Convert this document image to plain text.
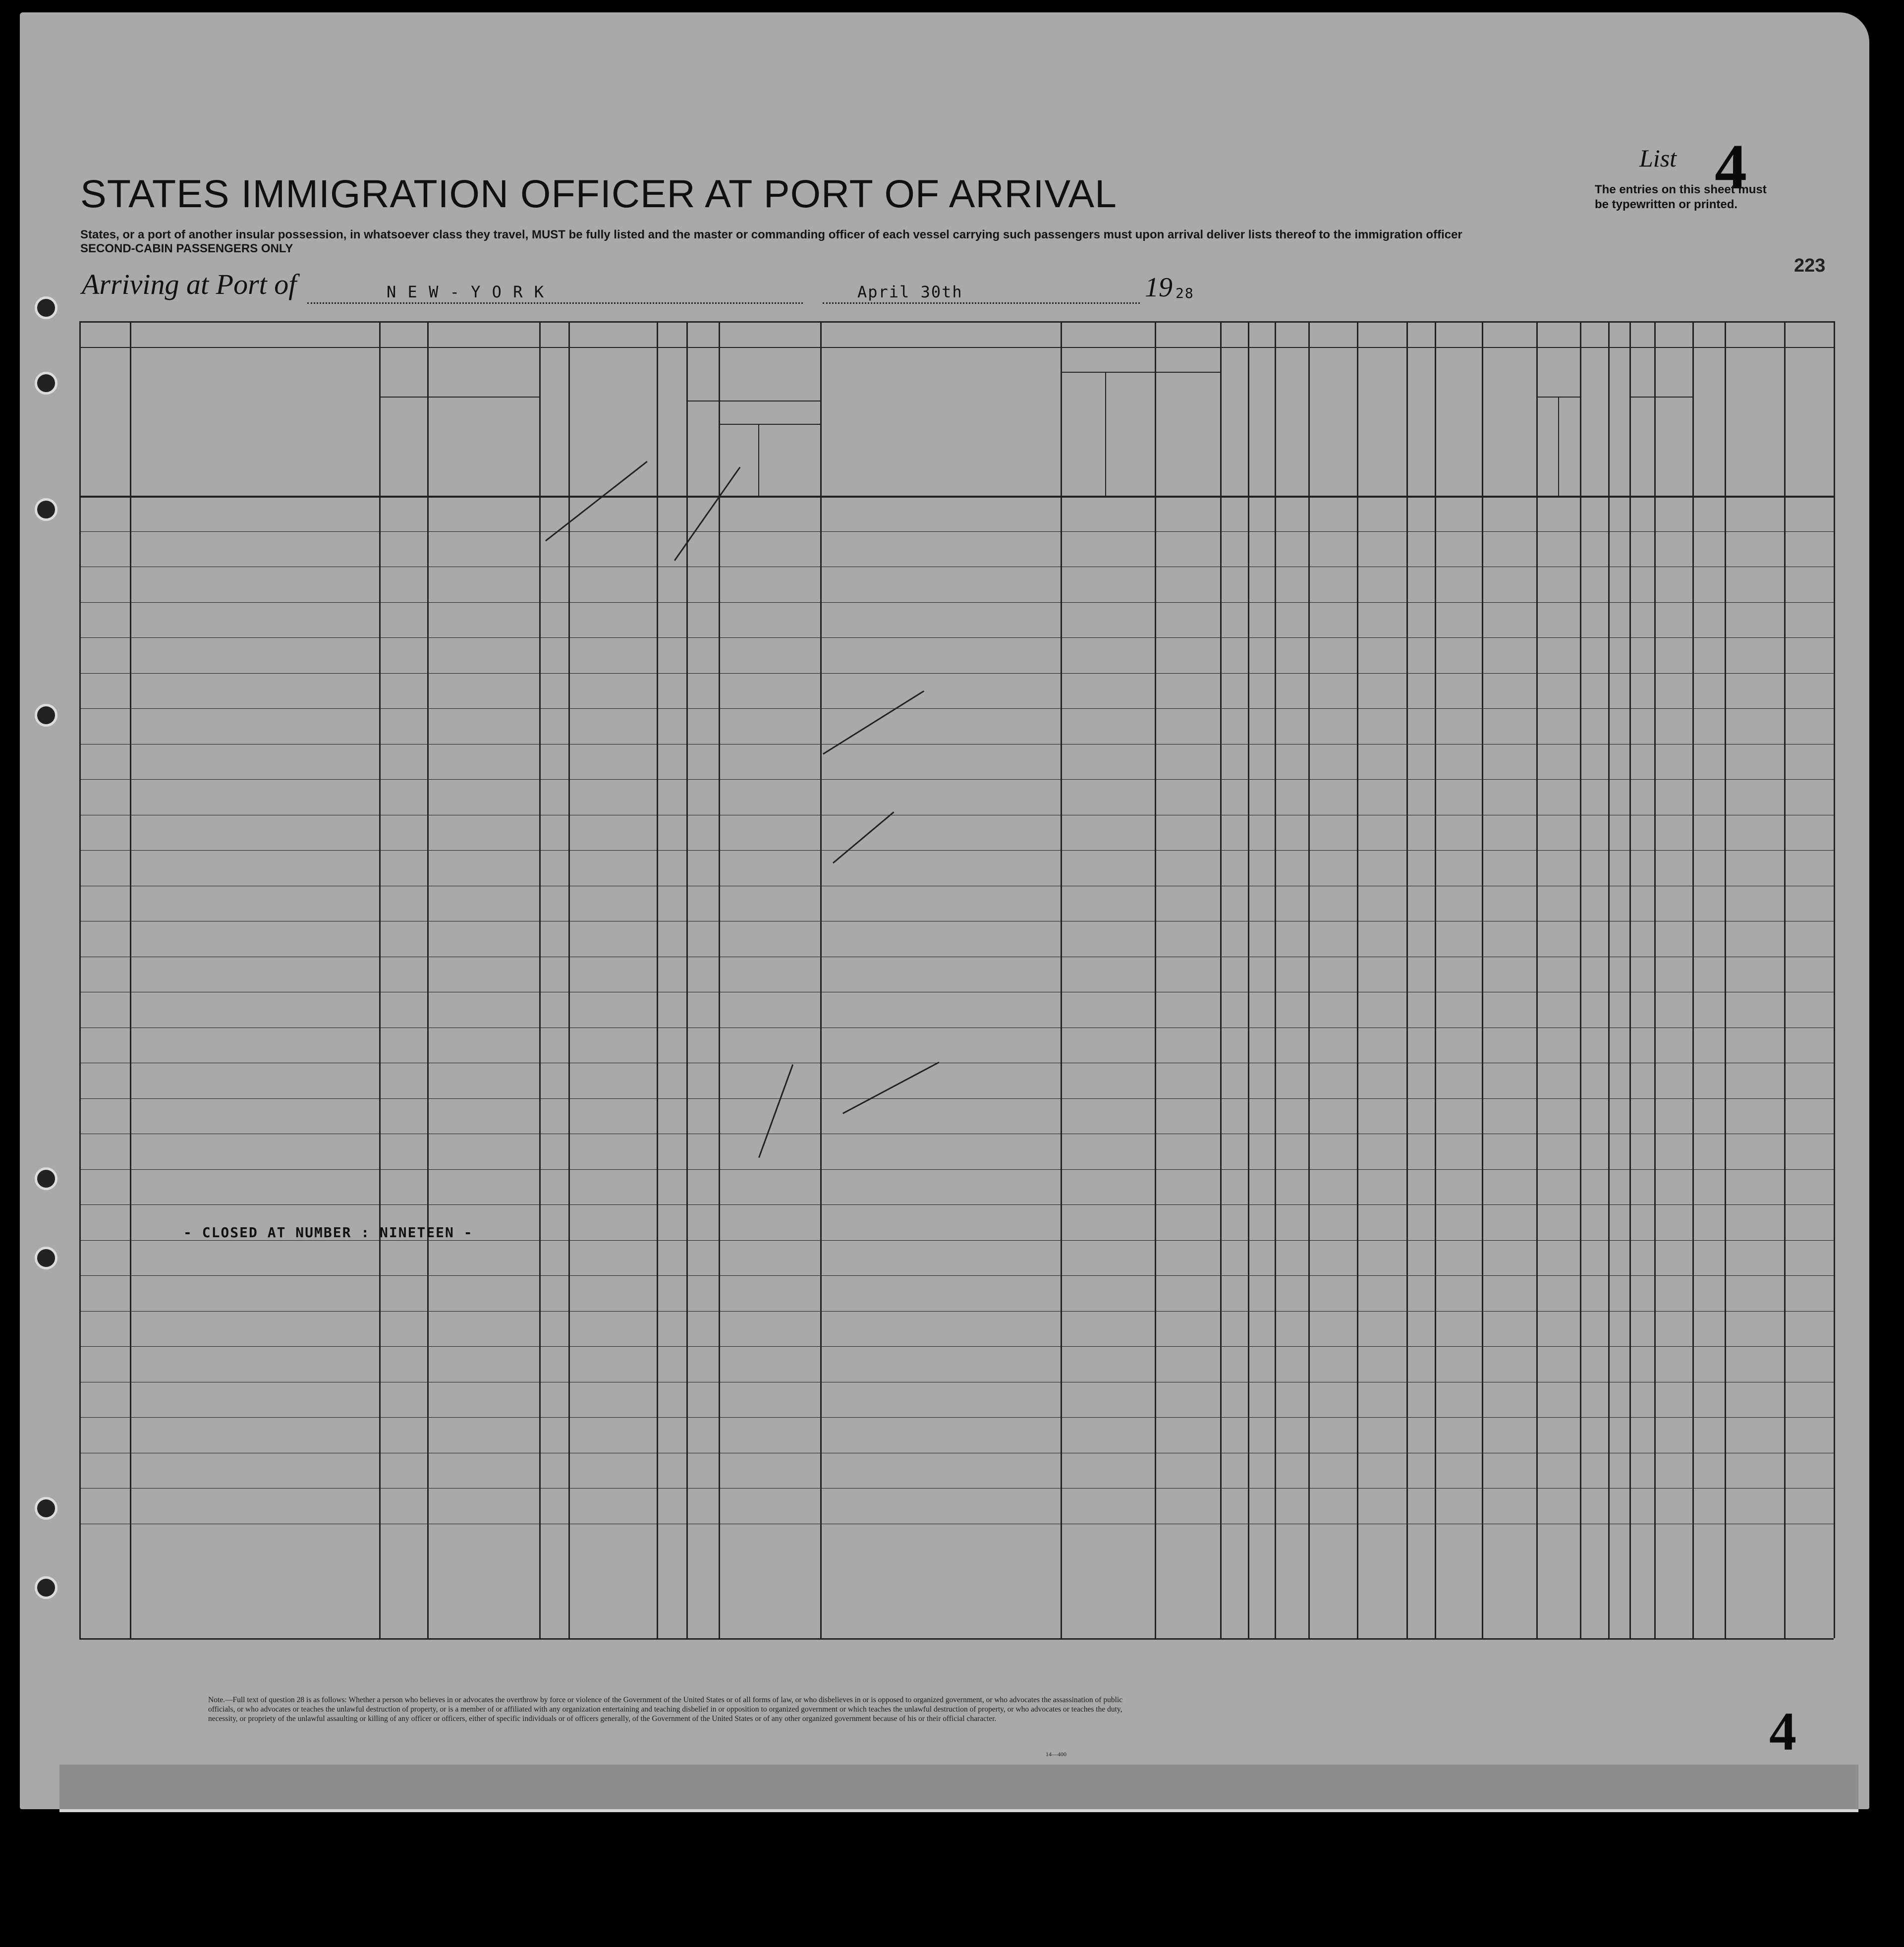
STATES IMMIGRATION OFFICER AT PORT OF ARRIVAL
States, or a port of another insular possession, in whatsoever class they travel, MUST be fully listed and the master or commanding officer of each vessel carrying such passengers must upon arrival deliver lists thereof to the immigration officer
SECOND-CABIN PASSENGERS ONLY
List 4
The entries on this sheet must
be typewritten or printed.
223
Arriving at Port of	N E W - Y O R K	April 30th	19 28
- CLOSED AT NUMBER : NINETEEN -
Note.—Full text of question 28 is as follows: Whether a person who believes in or advocates the overthrow by force or violence of the Government of the United States or of all forms of law, or who disbelieves in or is opposed to organized government, or who advocates the assassination of public officials, or who advocates or teaches the unlawful destruction of property, or is a member of or affiliated with any organization entertaining and teaching disbelief in or opposition to organized government or which teaches the unlawful destruction of property, or who advocates or teaches the duty, necessity, or propriety of the unlawful assaulting or killing of any officer or officers, either of specific individuals or of officers generally, of the Government of the United States or of any other organized government because of his or their official character.
14—400	4
